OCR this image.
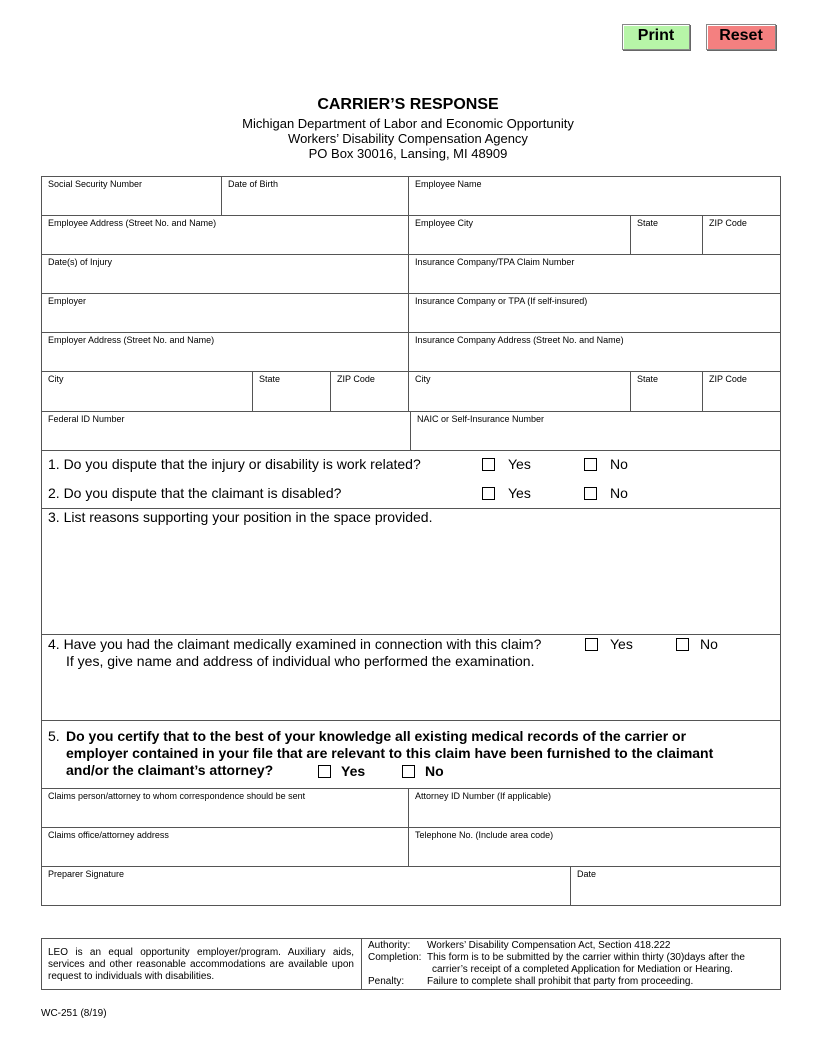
Print	Reset
CARRIER’S RESPONSE
Michigan Department of Labor and Economic Opportunity
Workers’ Disability Compensation Agency
PO Box 30016, Lansing, MI 48909
Social Security Number	Date of Birth	Employee Name
Employee Address (Street No. and Name)	Employee City	State	ZIP Code
Date(s) of Injury	Insurance Company/TPA Claim Number
Employer	Insurance Company or TPA (If self-insured)
Employer Address (Street No. and Name)	Insurance Company Address (Street No. and Name)
City	State	ZIP Code	City	State	ZIP Code
Federal ID Number	NAIC or Self-Insurance Number
1. Do you dispute that the injury or disability is work related?	Yes	No
2. Do you dispute that the claimant is disabled?	Yes	No
3. List reasons supporting your position in the space provided.
4. Have you had the claimant medically examined in connection with this claim?
If yes, give name and address of individual who performed the examination.
Yes	No
5. Do you certify that to the best of your knowledge all existing medical records of the carrier or
employer contained in your file that are relevant to this claim have been furnished to the claimant
and/or the claimant’s attorney?	Yes	No
Claims person/attorney to whom correspondence should be sent	Attorney ID Number (If applicable)
Claims office/attorney address	Telephone No. (Include area code)
Preparer Signature	Date
LEO is an equal opportunity employer/program. Auxiliary aids, services and other reasonable accommodations are available upon request to individuals with disabilities.
Authority: Workers’ Disability Compensation Act, Section 418.222
Completion: This form is to be submitted by the carrier within thirty (30)days after the
carrier’s receipt of a completed Application for Mediation or Hearing.
Penalty: Failure to complete shall prohibit that party from proceeding.
WC-251 (8/19)
